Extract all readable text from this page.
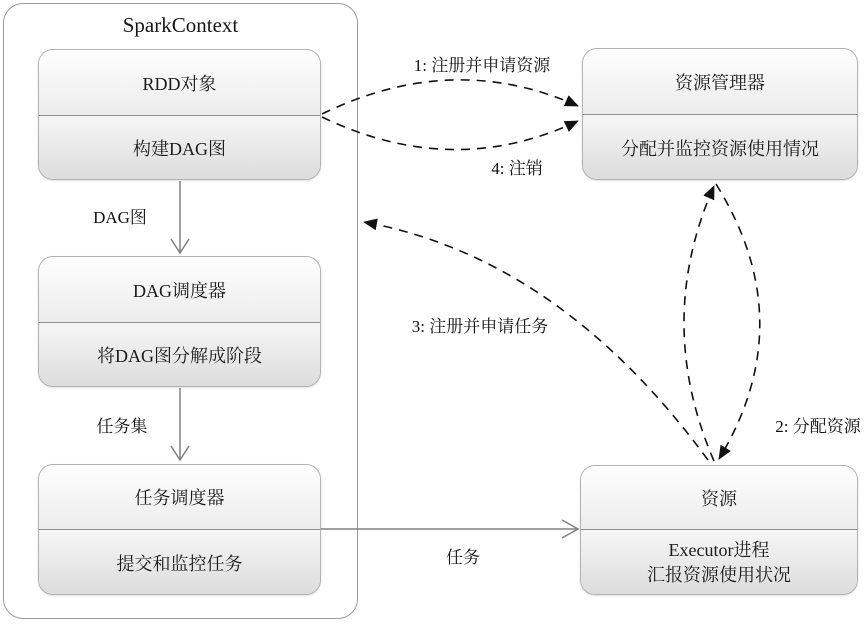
SparkContext
RDD对象
构建DAG图
DAG调度器
将DAG图分解成阶段
任务调度器
提交和监控任务
资源管理器
分配并监控资源使用情况
资源
Executor进程
汇报资源使用状况
DAG图
任务集
任务
1: 注册并申请资源
4: 注销
3: 注册并申请任务
2: 分配资源
